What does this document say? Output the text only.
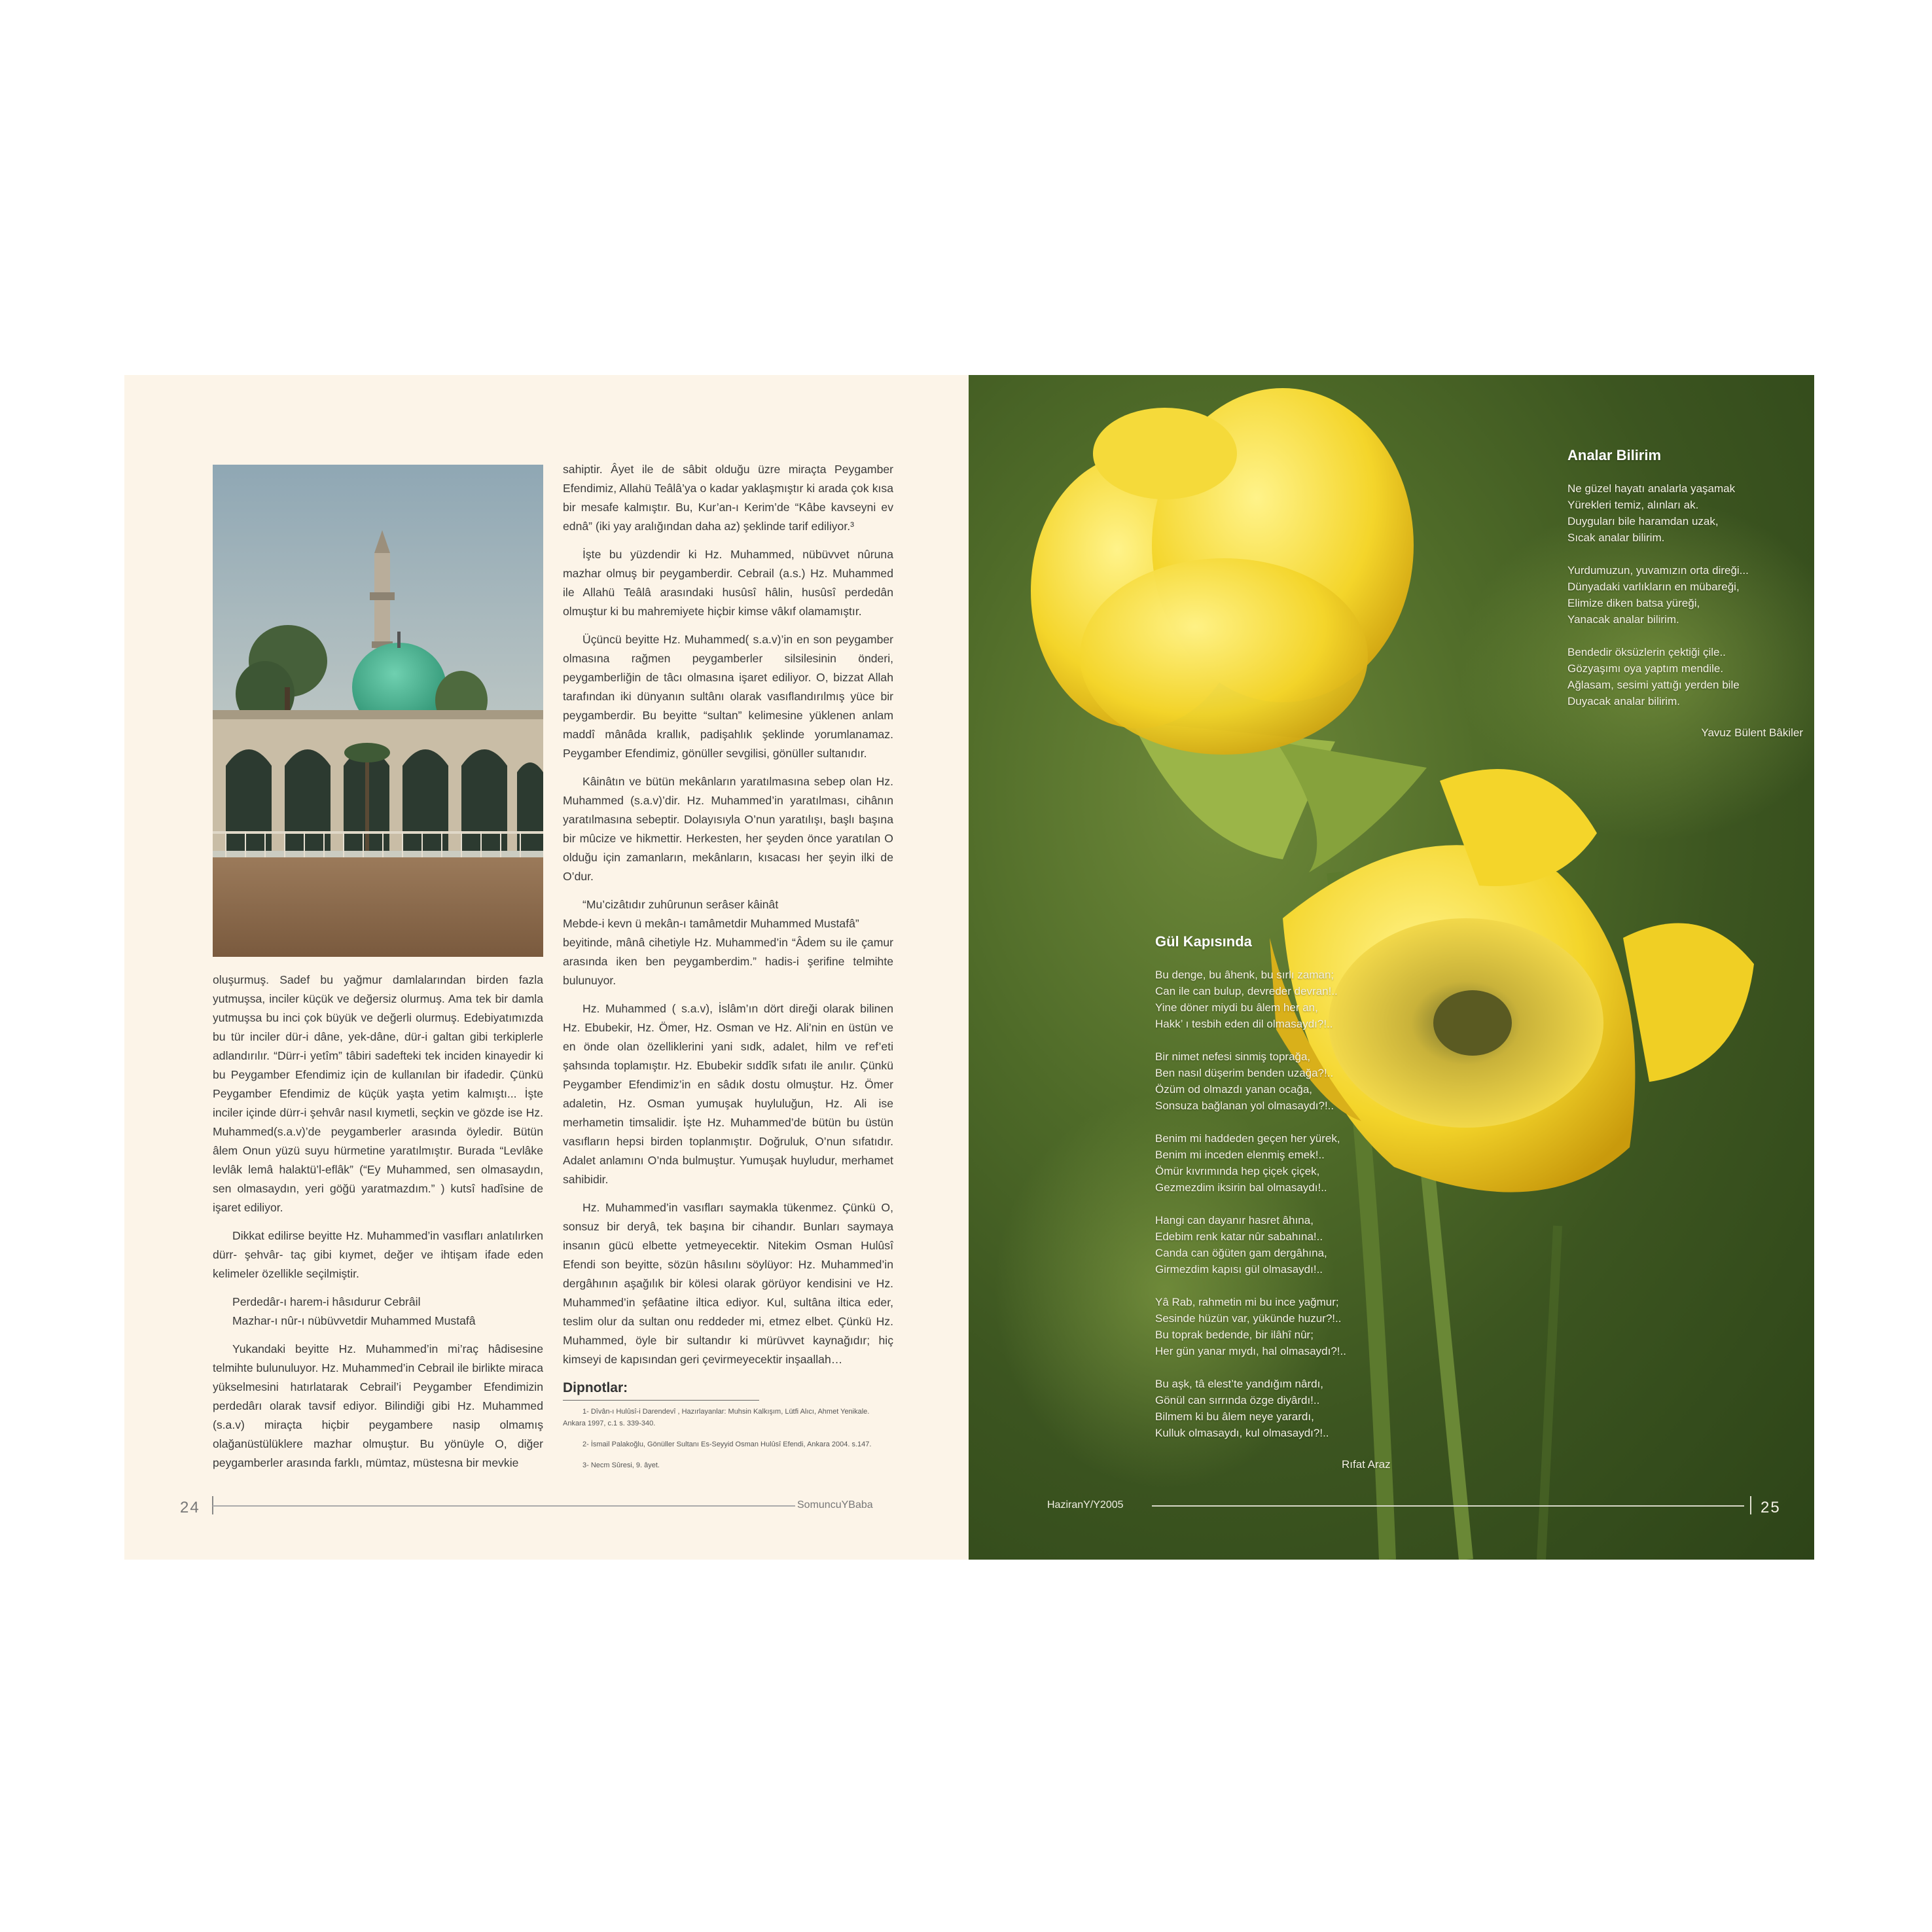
oluşurmuş. Sadef bu yağmur damlalarından birden fazla yutmuşsa, inciler küçük ve değersiz olurmuş. Ama tek bir damla yutmuşsa bu inci çok büyük ve değerli olurmuş. Edebiyatımızda bu tür inciler dür-i dâne, yek-dâne, dür-i galtan gibi terkiplerle adlandırılır. “Dürr-i yetîm” tâbiri sadefteki tek inciden kinayedir ki bu Peygamber Efendimiz için de kullanılan bir ifadedir. Çünkü Peygamber Efendimiz de küçük yaşta yetim kalmıştı... İşte inciler içinde dürr-i şehvâr nasıl kıymetli, seçkin ve gözde ise Hz. Muhammed(s.a.v)’de peygamberler arasında öyledir. Bütün âlem Onun yüzü suyu hürmetine yaratılmıştır. Burada “Levlâke levlâk lemâ halaktü’l-eflâk” (“Ey Muhammed, sen olmasaydın, sen olmasaydın, yeri göğü yaratmazdım.” ) kutsî hadîsine de işaret ediliyor.

Dikkat edilirse beyitte Hz. Muhammed’in vasıfları anlatılırken dürr- şehvâr- taç gibi kıymet, değer ve ihtişam ifade eden kelimeler özellikle seçilmiştir.

Perdedâr-ı harem-i hâsıdurur Cebrâil

Mazhar-ı nûr-ı nübüvvetdir Muhammed Mustafâ

Yukandaki beyitte Hz. Muhammed’in mi’raç hâdisesine telmihte bulunuluyor. Hz. Muhammed’in Cebrail ile birlikte miraca yükselmesini hatırlatarak Cebrail’i Peygamber Efendimizin perdedârı olarak tavsif ediyor. Bilindiği gibi Hz. Muhammed (s.a.v) miraçta hiçbir peygambere nasip olmamış olağanüstülüklere mazhar olmuştur. Bu yönüyle O, diğer peygamberler arasında farklı, mümtaz, müstesna bir mevkie

sahiptir. Âyet ile de sâbit olduğu üzre miraçta Peygamber Efendimiz, Allahü Teâlâ’ya o kadar yaklaşmıştır ki arada çok kısa bir mesafe kalmıştır. Bu, Kur’an-ı Kerim’de “Kâbe kavseyni ev ednâ” (iki yay aralığından daha az) şeklinde tarif ediliyor.³

İşte bu yüzdendir ki Hz. Muhammed, nübüvvet nûruna mazhar olmuş bir peygamberdir. Cebrail (a.s.) Hz. Muhammed ile Allahü Teâlâ arasındaki husûsî hâlin, husûsî perdedân olmuştur ki bu mahremiyete hiçbir kimse vâkıf olamamıştır.

Üçüncü beyitte Hz. Muhammed( s.a.v)’in en son peygamber olmasına rağmen peygamberler silsilesinin önderi, peygamberliğin de tâcı olmasına işaret ediliyor. O, bizzat Allah tarafından iki dünyanın sultânı olarak vasıflandırılmış yüce bir peygamberdir. Bu beyitte “sultan” kelimesine yüklenen anlam maddî mânâda krallık, padişahlık şeklinde yorumlanamaz. Peygamber Efendimiz, gönüller sevgilisi, gönüller sultanıdır.

Kâinâtın ve bütün mekânların yaratılmasına sebep olan Hz. Muhammed (s.a.v)’dir. Hz. Muhammed’in yaratılması, cihânın yaratılmasına sebeptir. Dolayısıyla O’nun yaratılışı, başlı başına bir mûcize ve hikmettir. Herkesten, her şeyden önce yaratılan O olduğu için zamanların, mekânların, kısacası her şeyin ilki de O’dur.

“Mu’cizâtıdır zuhûrunun serâser kâinât

Mebde-i kevn ü mekân-ı tamâmetdir Muhammed Mustafâ”

beyitinde, mânâ cihetiyle Hz. Muhammed’in “Âdem su ile çamur arasında iken ben peygamberdim.” hadis-i şerifine telmihte bulunuyor.

Hz. Muhammed ( s.a.v), İslâm’ın dört direği olarak bilinen Hz. Ebubekir, Hz. Ömer, Hz. Osman ve Hz. Ali’nin en üstün ve en önde olan özelliklerini yani sıdk, adalet, hilm ve ref’eti şahsında toplamıştır. Hz. Ebubekir sıddîk sıfatı ile anılır. Çünkü Peygamber Efendimiz’in en sâdık dostu olmuştur. Hz. Ömer adaletin, Hz. Osman yumuşak huyluluğun, Hz. Ali ise merhametin timsalidir. İşte Hz. Muhammed’de bütün bu üstün vasıfların hepsi birden toplanmıştır. Doğruluk, O’nun sıfatıdır. Adalet anlamını O’nda bulmuştur. Yumuşak huyludur, merhamet sahibidir.

Hz. Muhammed’in vasıfları saymakla tükenmez. Çünkü O, sonsuz bir deryâ, tek başına bir cihandır. Bunları saymaya insanın gücü elbette yetmeyecektir. Nitekim Osman Hulûsî Efendi son beyitte, sözün hâsılını söylüyor: Hz. Muhammed’in dergâhının aşağılık bir kölesi olarak görüyor kendisini ve Hz. Muhammed’in şefâatine iltica ediyor. Kul, sultâna iltica eder, teslim olur da sultan onu reddeder mi, etmez elbet. Çünkü Hz. Muhammed, öyle bir sultandır ki mürüvvet kaynağıdır; hiç kimseyi de kapısından geri çevirmeyecektir inşaallah…

Dipnotlar:

1- Dîvân-ı Hulûsî-i Darendevî , Hazırlayanlar: Muhsin Kalkışım, Lütfi Alıcı, Ahmet Yenikale. Ankara 1997, c.1 s. 339-340.

2- İsmail Palakoğlu, Gönüller Sultanı Es-Seyyid Osman Hulûsî Efendi, Ankara 2004. s.147.

3- Necm Sûresi, 9. âyet.

24	SomuncuYBaba
Analar Bilirim
Ne güzel hayatı analarla yaşamak
Yürekleri temiz, alınları ak.
Duyguları bile haramdan uzak,
Sıcak analar bilirim.
Yurdumuzun, yuvamızın orta direği...
Dünyadaki varlıkların en mübareği,
Elimize diken batsa yüreği,
Yanacak analar bilirim.
Bendedir öksüzlerin çektiği çile..
Gözyaşımı oya yaptım mendile.
Ağlasam, sesimi yattığı yerden bile
Duyacak analar bilirim.
Yavuz Bülent Bâkiler
Gül Kapısında
Bu denge, bu âhenk, bu sırlı zaman;
Can ile can bulup, devreder devran!..
Yine döner miydi bu âlem her an,
Hakk’ ı tesbih eden dil olmasaydı?!..
Bir nimet nefesi sinmiş toprağa,
Ben nasıl düşerim benden uzağa?!..
Özüm od olmazdı yanan ocağa,
Sonsuza bağlanan yol olmasaydı?!..
Benim mi haddeden geçen her yürek,
Benim mi inceden elenmiş emek!..
Ömür kıvrımında hep çiçek çiçek,
Gezmezdim iksirin bal olmasaydı!..
Hangi can dayanır hasret âhına,
Edebim renk katar nûr sabahına!..
Canda can öğüten gam dergâhına,
Girmezdim kapısı gül olmasaydı!..
Yâ Rab, rahmetin mi bu ince yağmur;
Sesinde hüzün var, yükünde huzur?!..
Bu toprak bedende, bir ilâhî nûr;
Her gün yanar mıydı, hal olmasaydı?!..
Bu aşk, tâ elest’te yandığım nârdı,
Gönül can sırrında özge diyârdı!..
Bilmem ki bu âlem neye yarardı,
Kulluk olmasaydı, kul olmasaydı?!..
Rıfat Araz
HaziranY/Y2005	25
